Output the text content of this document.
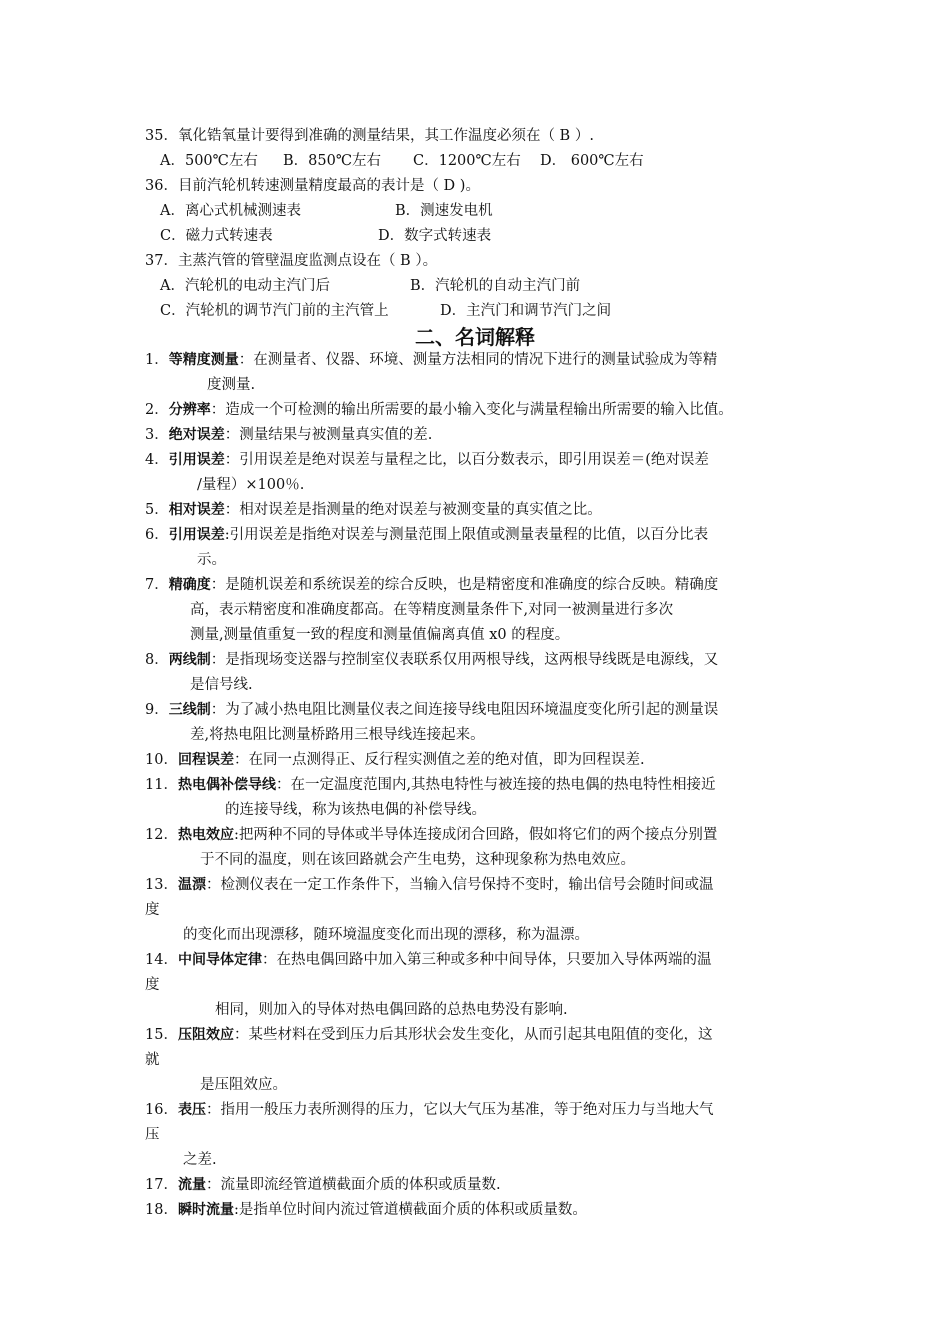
35．氧化锆氧量计要得到准确的测量结果，其工作温度必须在（ B ）.
A．500℃左右 B．850℃左右 C．1200℃左右 D． 600℃左右
36．目前汽轮机转速测量精度最高的表计是（ D )。
A．离心式机械测速表	B．测速发电机
C．磁力式转速表	D．数字式转速表
37．主蒸汽管的管壁温度监测点设在（ B ）。
A．汽轮机的电动主汽门后	B．汽轮机的自动主汽门前
C．汽轮机的调节汽门前的主汽管上	D．主汽门和调节汽门之间
二、名词解释
1．等精度测量：在测量者、仪器、环境、测量方法相同的情况下进行的测量试验成为等精
度测量.
2．分辨率：造成一个可检测的输出所需要的最小输入变化与满量程输出所需要的输入比值。
3．绝对误差：测量结果与被测量真实值的差.
4．引用误差：引用误差是绝对误差与量程之比，以百分数表示，即引用误差＝(绝对误差
/量程）×100％.
5．相对误差：相对误差是指测量的绝对误差与被测变量的真实值之比。
6．引用误差:引用误差是指绝对误差与测量范围上限值或测量表量程的比值，以百分比表
示。
7．精确度：是随机误差和系统误差的综合反映，也是精密度和准确度的综合反映。精确度
高，表示精密度和准确度都高。在等精度测量条件下,对同一被测量进行多次
测量,测量值重复一致的程度和测量值偏离真值 x0 的程度。
8．两线制：是指现场变送器与控制室仪表联系仅用两根导线，这两根导线既是电源线，又
是信号线.
9．三线制：为了减小热电阻比测量仪表之间连接导线电阻因环境温度变化所引起的测量误
差,将热电阻比测量桥路用三根导线连接起来。
10．回程误差：在同一点测得正、反行程实测值之差的绝对值，即为回程误差.
11．热电偶补偿导线：在一定温度范围内,其热电特性与被连接的热电偶的热电特性相接近
的连接导线，称为该热电偶的补偿导线。
12．热电效应:把两种不同的导体或半导体连接成闭合回路，假如将它们的两个接点分别置
于不同的温度，则在该回路就会产生电势，这种现象称为热电效应。
13．温漂：检测仪表在一定工作条件下，当输入信号保持不变时，输出信号会随时间或温
度
的变化而出现漂移，随环境温度变化而出现的漂移，称为温漂。
14．中间导体定律：在热电偶回路中加入第三种或多种中间导体，只要加入导体两端的温
度
相同，则加入的导体对热电偶回路的总热电势没有影响.
15．压阻效应：某些材料在受到压力后其形状会发生变化，从而引起其电阻值的变化，这
就
是压阻效应。
16．表压：指用一般压力表所测得的压力，它以大气压为基准，等于绝对压力与当地大气
压
之差.
17．流量：流量即流经管道横截面介质的体积或质量数.
18．瞬时流量:是指单位时间内流过管道横截面介质的体积或质量数。
